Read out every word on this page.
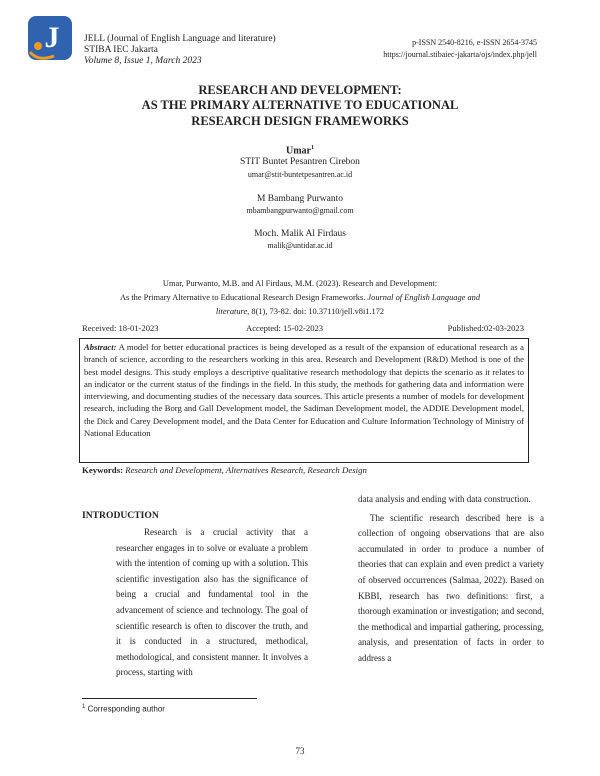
J	JELL (Journal of English Language and literature)
STIBA IEC Jakarta
Volume 8, Issue 1, March 2023
p-ISSN 2540-8216, e-ISSN 2654-3745
https://journal.stibaiec-jakarta/ojs/index.php/jell
RESEARCH AND DEVELOPMENT:
AS THE PRIMARY ALTERNATIVE TO EDUCATIONAL
RESEARCH DESIGN FRAMEWORKS
Umar$^1$
STIT Buntet Pesantren Cirebon
umar@stit-buntetpesantren.ac.id
M Bambang Purwanto
mbambangpurwanto@gmail.com
Moch. Malik Al Firdaus
malik@untidar.ac.id
Umar, Purwanto, M.B. and Al Firdaus, M.M. (2023). Research and Development:
As the Primary Alternative to Educational Research Design Frameworks. Journal of English Language and
literature, 8(1), 73-82. doi: 10.37110/jell.v8i1.172
Received: 18-01-2023	Accepted: 15-02-2023	Published:02-03-2023
Abstract: A model for better educational practices is being developed as a result of the expansion of educational research as a branch of science, according to the researchers working in this area. Research and Development (R&D) Method is one of the best model designs. This study employs a descriptive qualitative research methodology that depicts the scenario as it relates to an indicator or the current status of the findings in the field. In this study, the methods for gathering data and information were interviewing, and documenting studies of the necessary data sources. This article presents a number of models for development research, including the Borg and Gall Development model, the Sadiman Development model, the ADDIE Development model, the Dick and Carey Development model, and the Data Center for Education and Culture Information Technology of Ministry of National Education
Keywords: Research and Development, Alternatives Research, Research Design
INTRODUCTION
Research is a crucial activity that a researcher engages in to solve or evaluate a problem with the intention of coming up with a solution. This scientific investigation also has the significance of being a crucial and fundamental tool in the advancement of science and technology. The goal of scientific research is often to discover the truth, and it is conducted in a structured, methodical, methodological, and consistent manner. It involves a process, starting with
data analysis and ending with data construction.
The scientific research described here is a collection of ongoing observations that are also accumulated in order to produce a number of theories that can explain and even predict a variety of observed occurrences (Salmaa, 2022). Based on KBBI, research has two definitions: first, a thorough examination or investigation; and second, the methodical and impartial gathering, processing, analysis, and presentation of facts in order to address a
$^1$ Corresponding author
73
